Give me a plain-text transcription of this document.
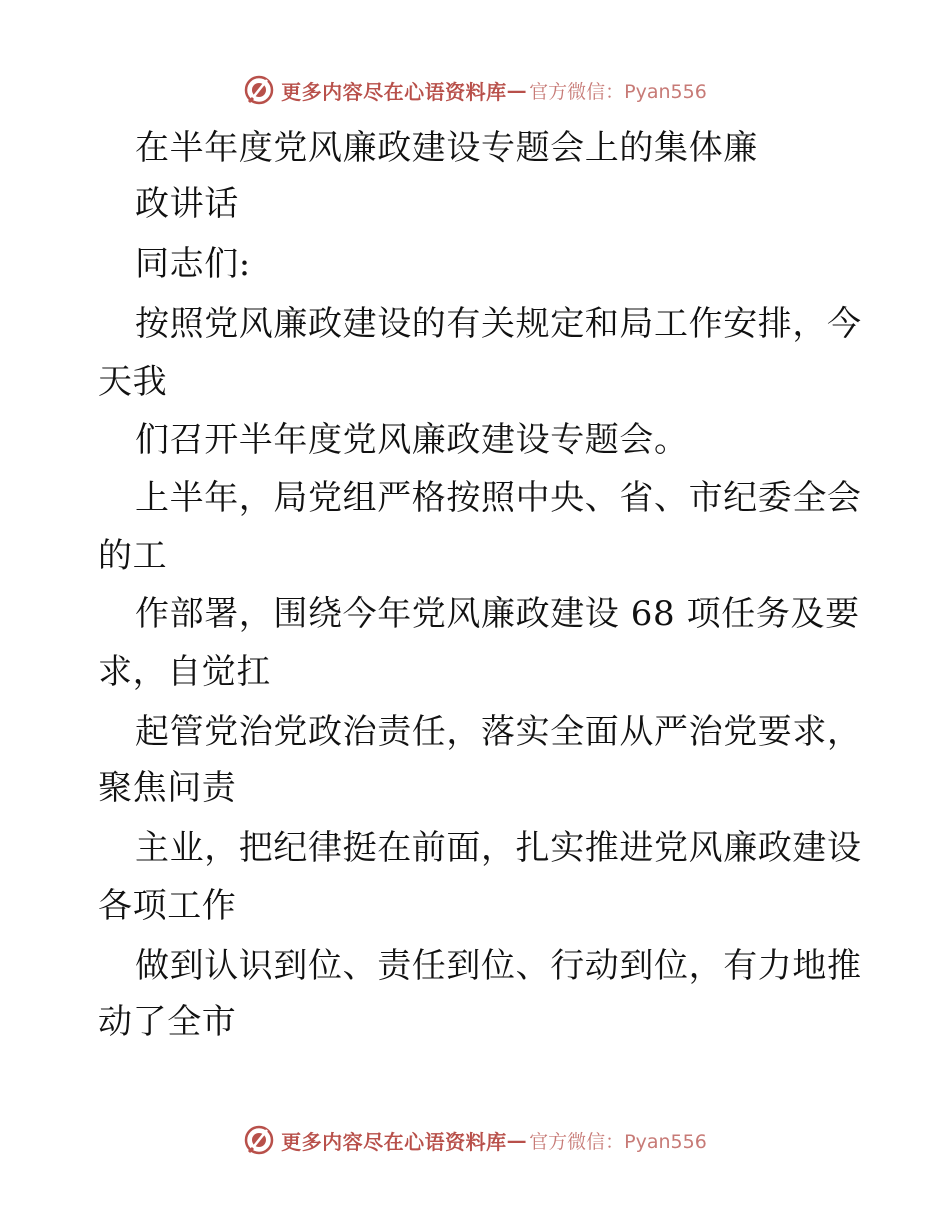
更多内容尽在心语资料库 — 官方微信：Pyan556
在半年度党风廉政建设专题会上的集体廉
政讲话
同志们:
按照党风廉政建设的有关规定和局工作安排，今
天我
们召开半年度党风廉政建设专题会。
上半年，局党组严格按照中央、省、市纪委全会
的工
作部署，围绕今年党风廉政建设 68 项任务及要
求，自觉扛
起管党治党政治责任，落实全面从严治党要求，
聚焦问责
主业，把纪律挺在前面，扎实推进党风廉政建设
各项工作
做到认识到位、责任到位、行动到位，有力地推
动了全市
更多内容尽在心语资料库 — 官方微信：Pyan556
